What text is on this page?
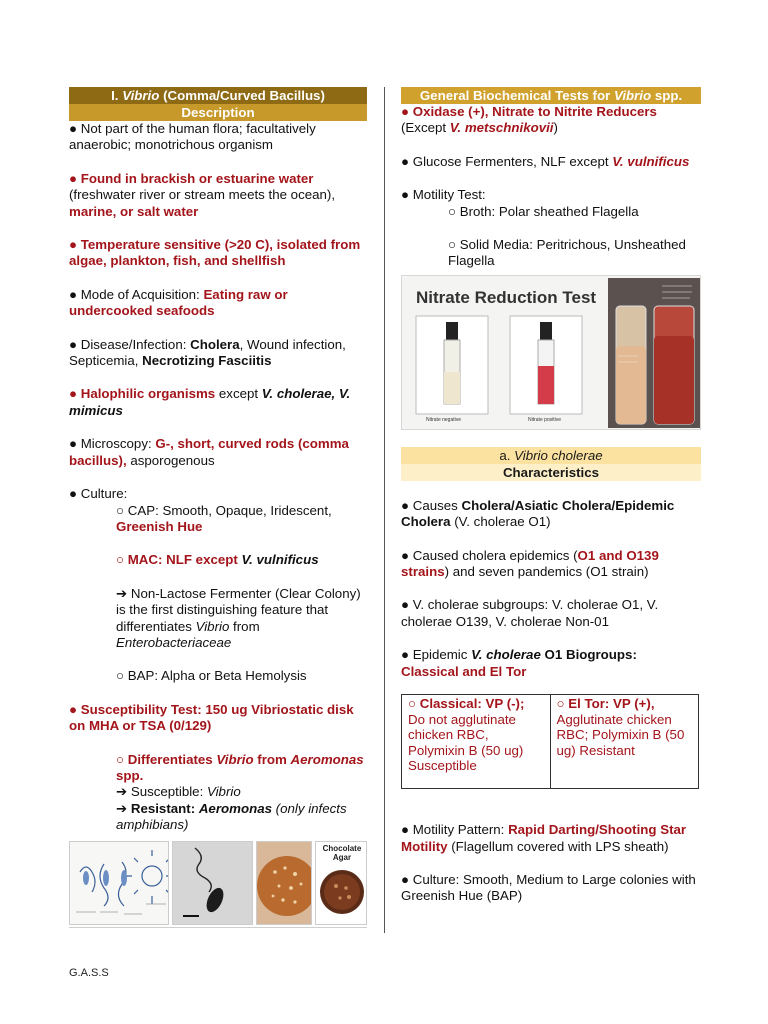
I. Vibrio (Comma/Curved Bacillus)
Description

● Not part of the human flora; facultatively anaerobic; monotrichous organism

● Found in brackish or estuarine water (freshwater river or stream meets the ocean), marine, or salt water

● Temperature sensitive (>20 C), isolated from algae, plankton, fish, and shellfish

● Mode of Acquisition: Eating raw or undercooked seafoods

● Disease/Infection: Cholera, Wound infection, Septicemia, Necrotizing Fasciitis

● Halophilic organisms except V. cholerae, V. mimicus

● Microscopy: G-, short, curved rods (comma bacillus), asporogenous

● Culture:

○ CAP: Smooth, Opaque, Iridescent, Greenish Hue

○ MAC: NLF except V. vulnificus

➔ Non-Lactose Fermenter (Clear Colony) is the first distinguishing feature that differentiates Vibrio from Enterobacteriaceae

○ BAP: Alpha or Beta Hemolysis

● Susceptibility Test: 150 ug Vibriostatic disk on MHA or TSA (0/129)

○ Differentiates Vibrio from Aeromonas spp.

➔ Susceptible: Vibrio

➔ Resistant: Aeromonas (only infects amphibians)

Chocolate Agar
General Biochemical Tests for Vibrio spp.

● Oxidase (+), Nitrate to Nitrite Reducers (Except V. metschnikovii)

● Glucose Fermenters, NLF except V. vulnificus

● Motility Test:

○ Broth: Polar sheathed Flagella

○ Solid Media: Peritrichous, Unsheathed Flagella

Nitrate Reduction Test
Nitrate negative	Nitrate positive
a. Vibrio cholerae
Characteristics

● Causes Cholera/Asiatic Cholera/Epidemic Cholera (V. cholerae O1)

● Caused cholera epidemics (O1 and O139 strains) and seven pandemics (O1 strain)

● V. cholerae subgroups: V. cholerae O1, V. cholerae O139, V. cholerae Non-01

● Epidemic V. cholerae O1 Biogroups:
Classical and El Tor

○ Classical: VP (-); Do not agglutinate chicken RBC, Polymixin B (50 ug) Susceptible	○ El Tor: VP (+), Agglutinate chicken RBC; Polymixin B (50 ug) Resistant

● Motility Pattern: Rapid Darting/Shooting Star Motility (Flagellum covered with LPS sheath)

● Culture: Smooth, Medium to Large colonies with Greenish Hue (BAP)

G.A.S.S
